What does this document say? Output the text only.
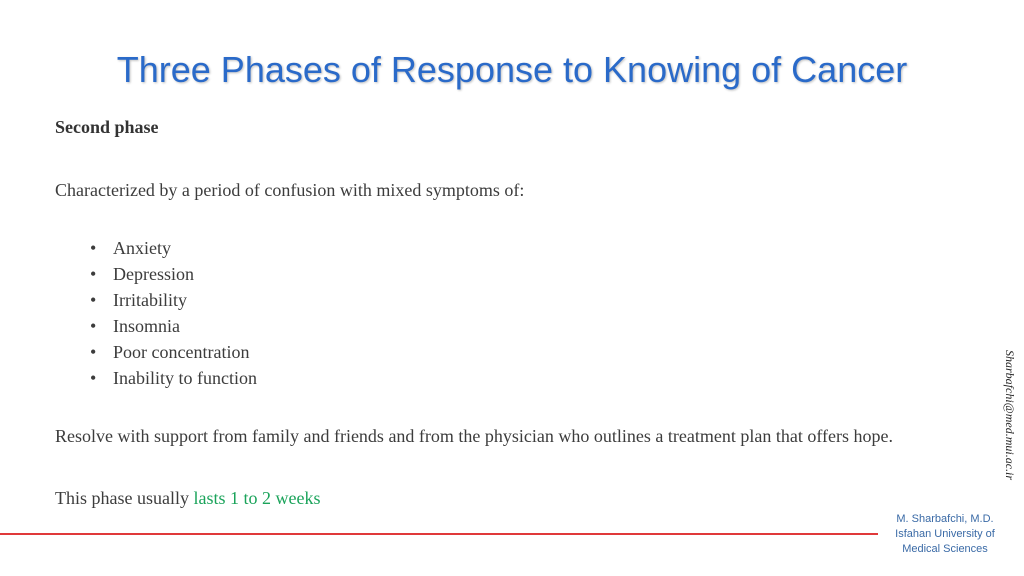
Three Phases of Response to Knowing of Cancer
Second phase
Characterized by a period of confusion with mixed symptoms of:
• Anxiety
• Depression
• Irritability
• Insomnia
• Poor concentration
• Inability to function
Resolve with support from family and friends and from the physician who outlines a treatment plan that offers hope.
This phase usually lasts 1 to 2 weeks
Sharbafchi@med.mui.ac.ir
M. Sharbafchi, M.D.
Isfahan University of
Medical Sciences
